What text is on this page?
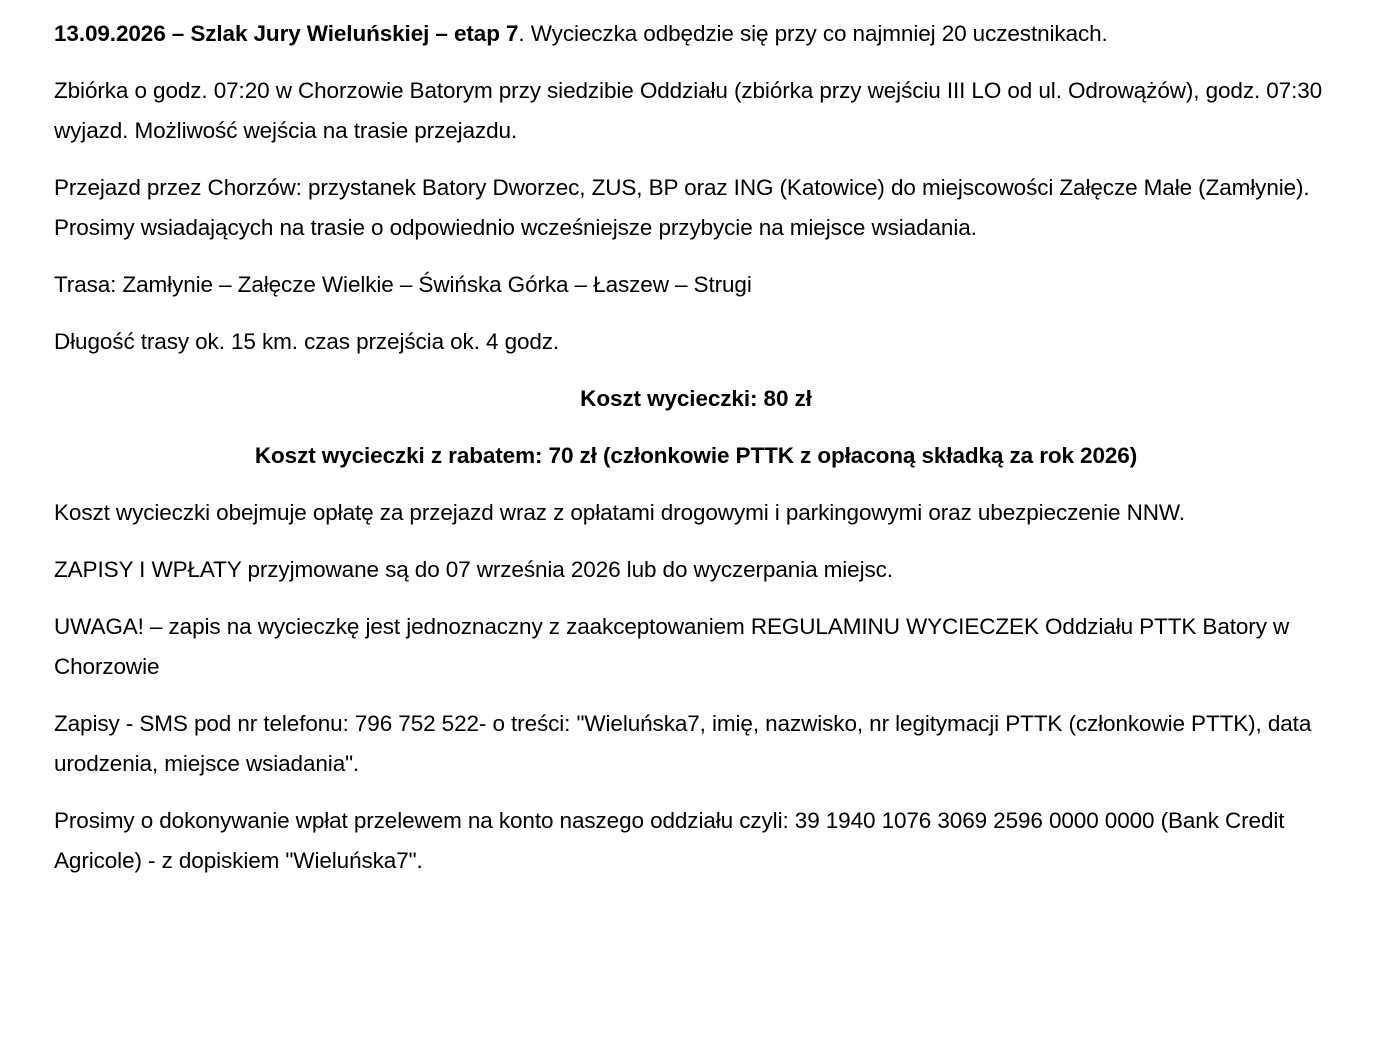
13.09.2026 – Szlak Jury Wieluńskiej – etap 7. Wycieczka odbędzie się przy co najmniej 20 uczestnikach.

Zbiórka o godz. 07:20 w Chorzowie Batorym przy siedzibie Oddziału (zbiórka przy wejściu III LO od ul. Odrowążów), godz. 07:30 wyjazd. Możliwość wejścia na trasie przejazdu.

Przejazd przez Chorzów: przystanek Batory Dworzec, ZUS, BP oraz ING (Katowice) do miejscowości Załęcze Małe (Zamłynie). Prosimy wsiadających na trasie o odpowiednio wcześniejsze przybycie na miejsce wsiadania.

Trasa: Zamłynie – Załęcze Wielkie – Świńska Górka – Łaszew – Strugi

Długość trasy ok. 15 km. czas przejścia ok. 4 godz.

Koszt wycieczki: 80 zł

Koszt wycieczki z rabatem: 70 zł (członkowie PTTK z opłaconą składką za rok 2026)

Koszt wycieczki obejmuje opłatę za przejazd wraz z opłatami drogowymi i parkingowymi oraz ubezpieczenie NNW.

ZAPISY I WPŁATY przyjmowane są do 07 września 2026 lub do wyczerpania miejsc.

UWAGA! – zapis na wycieczkę jest jednoznaczny z zaakceptowaniem REGULAMINU WYCIECZEK Oddziału PTTK Batory w Chorzowie

Zapisy - SMS pod nr telefonu: 796 752 522- o treści: "Wieluńska7, imię, nazwisko, nr legitymacji PTTK (członkowie PTTK), data urodzenia, miejsce wsiadania".

Prosimy o dokonywanie wpłat przelewem na konto naszego oddziału czyli: 39 1940 1076 3069 2596 0000 0000 (Bank Credit Agricole) - z dopiskiem "Wieluńska7".
